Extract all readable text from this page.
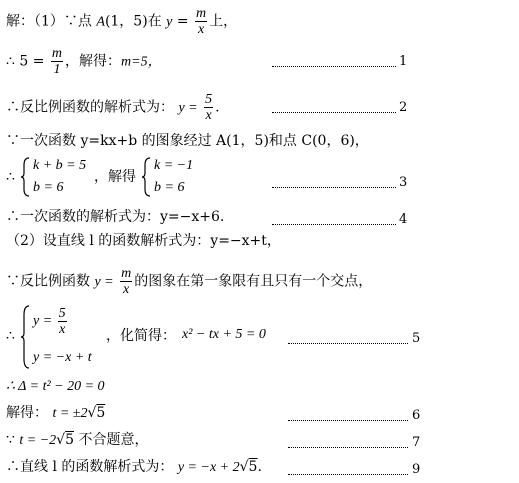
解：（1）∵点 A(1，5)在 $y = \frac{m}{x}$ 上，
∴ $5 = \frac{m}{1}$ ，解得：m=5，	1
∴反比例函数的解析式为： $y = \frac{5}{x}$ .	2
∵一次函数 y=kx+b 的图象经过 A(1，5)和点 C(0，6)，
∴
k + b = 5
b = 6
，解得
k = −1
b = 6	3
∴一次函数的解析式为：y=−x+6.	4
（2）设直线 l 的函数解析式为：y=−x+t，
∵反比例函数 $y = \frac{m}{x}$ 的图象在第一象限有且只有一个交点，
∴
$y = \frac{5}{x}$
y = −x + t
，化简得： x² − tx + 5 = 0	5
∴ Δ = t² − 20 = 0
解得： t = ±2√5	6
∵ t = −2√5 不合题意，	7
∴直线 l 的函数解析式为： y = −x + 2√5.	9
